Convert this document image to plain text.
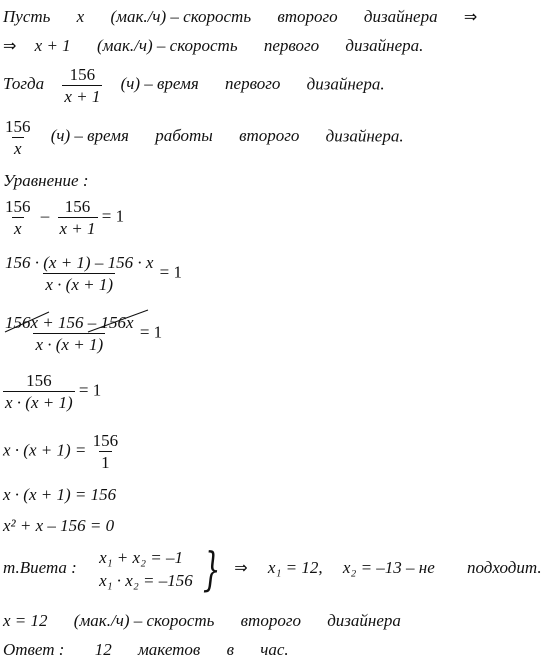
Пусть x (мак./ч) – скорость второго дизайнера ⇒
⇒ x + 1 (мак./ч) – скорость первого дизайнера.
Тогда $\frac{156}{x + 1} (ч)$ – время первого дизайнера.
$\frac{156}{x} (ч)$ – время работы второго дизайнера.
Уравнение :
$\frac{156}{x} - \frac{156}{x + 1} = 1$
$\frac{156 \cdot (x + 1) - 156 \cdot x}{x \cdot (x + 1)} = 1$
$\frac{156x + 156 - 156x}{x \cdot (x + 1)} = 1$
$\frac{156}{x \cdot (x + 1)} = 1$
$x \cdot (x + 1) = \frac{156}{1}$
x · (x + 1) = 156
x² + x – 156 = 0
т.Виета :
x₁ + x₂ = –1
x₁ · x₂ = –156 } ⇒ x₁ = 12, x₂ = –13 – не подходит.
x = 12 (мак./ч) – скорость второго дизайнера
Ответ : 12 макетов в час.
